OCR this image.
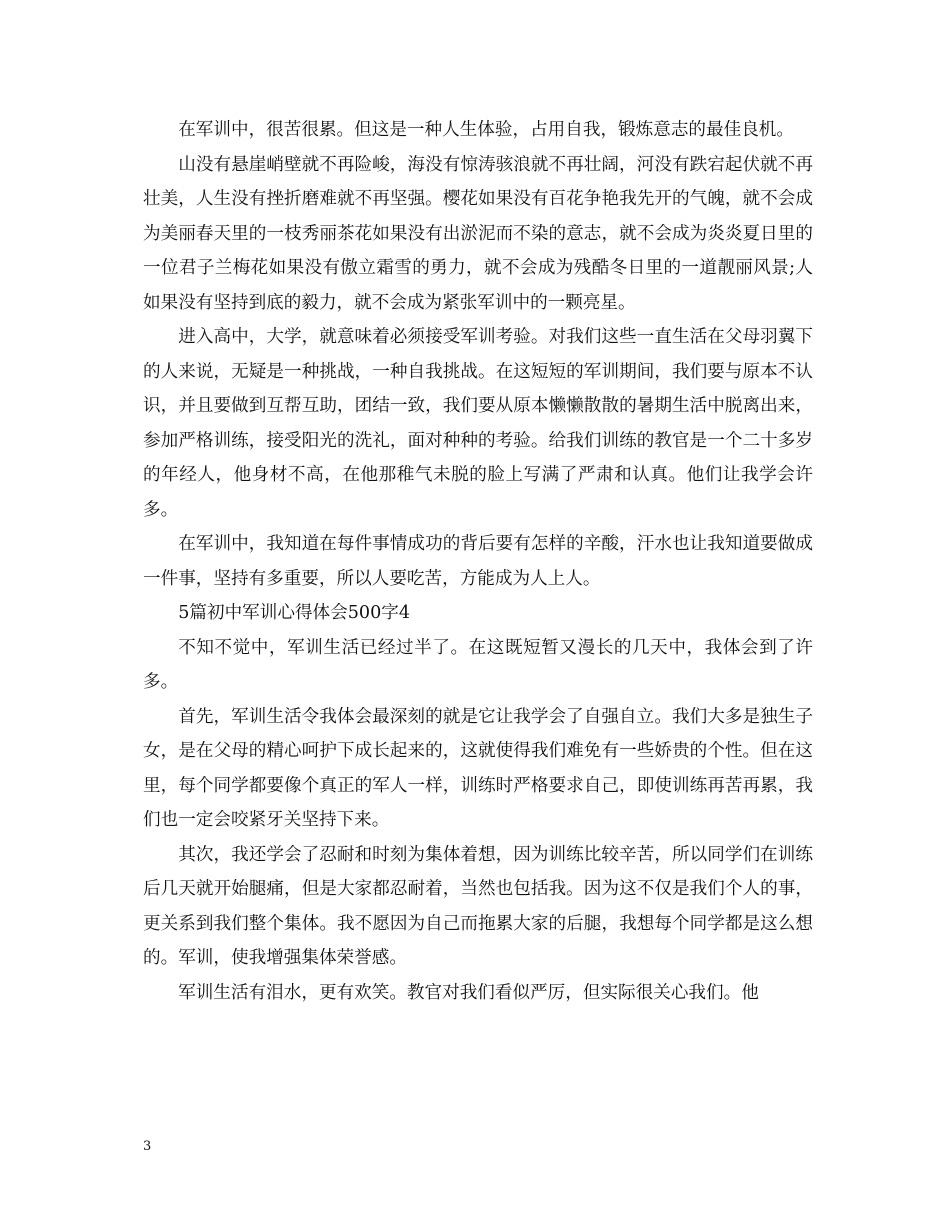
在军训中，很苦很累。但这是一种人生体验，占用自我，锻炼意志的最佳良机。

山没有悬崖峭壁就不再险峻，海没有惊涛骇浪就不再壮阔，河没有跌宕起伏就不再壮美，人生没有挫折磨难就不再坚强。樱花如果没有百花争艳我先开的气魄，就不会成为美丽春天里的一枝秀丽茶花如果没有出淤泥而不染的意志，就不会成为炎炎夏日里的一位君子兰梅花如果没有傲立霜雪的勇力，就不会成为残酷冬日里的一道靓丽风景;人如果没有坚持到底的毅力，就不会成为紧张军训中的一颗亮星。

进入高中，大学，就意味着必须接受军训考验。对我们这些一直生活在父母羽翼下的人来说，无疑是一种挑战，一种自我挑战。在这短短的军训期间，我们要与原本不认识，并且要做到互帮互助，团结一致，我们要从原本懒懒散散的暑期生活中脱离出来，参加严格训练，接受阳光的洗礼，面对种种的考验。给我们训练的教官是一个二十多岁的年经人，他身材不高，在他那稚气未脱的脸上写满了严肃和认真。他们让我学会许多。

在军训中，我知道在每件事情成功的背后要有怎样的辛酸，汗水也让我知道要做成一件事，坚持有多重要，所以人要吃苦，方能成为人上人。

5篇初中军训心得体会500字4

不知不觉中，军训生活已经过半了。在这既短暂又漫长的几天中，我体会到了许多。

首先，军训生活令我体会最深刻的就是它让我学会了自强自立。我们大多是独生子女，是在父母的精心呵护下成长起来的，这就使得我们难免有一些娇贵的个性。但在这里，每个同学都要像个真正的军人一样，训练时严格要求自己，即使训练再苦再累，我们也一定会咬紧牙关坚持下来。

其次，我还学会了忍耐和时刻为集体着想，因为训练比较辛苦，所以同学们在训练后几天就开始腿痛，但是大家都忍耐着，当然也包括我。因为这不仅是我们个人的事，更关系到我们整个集体。我不愿因为自己而拖累大家的后腿，我想每个同学都是这么想的。军训，使我增强集体荣誉感。

军训生活有泪水，更有欢笑。教官对我们看似严厉，但实际很关心我们。他

3
